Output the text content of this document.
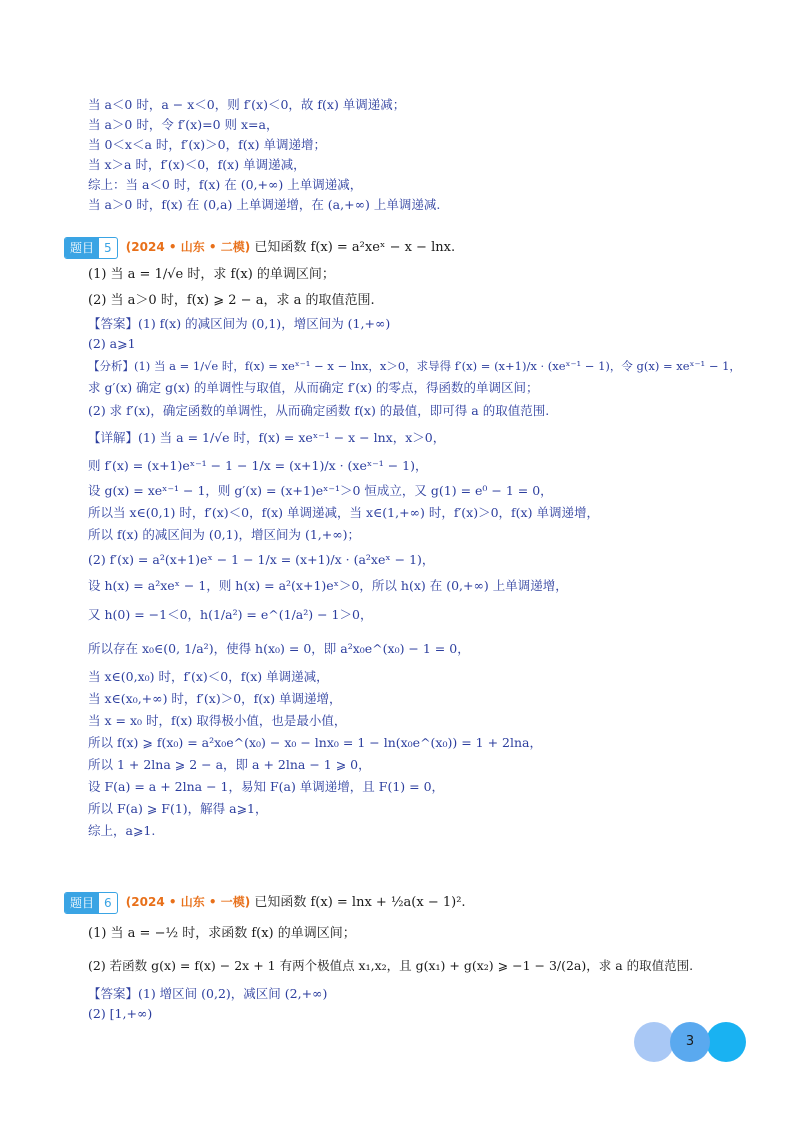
当 a＜0 时，a − x＜0，则 f′(x)＜0，故 f(x) 单调递减；
当 a＞0 时，令 f′(x)=0 则 x=a，
当 0＜x＜a 时，f′(x)＞0，f(x) 单调递增；
当 x＞a 时，f′(x)＜0，f(x) 单调递减，
综上：当 a＜0 时，f(x) 在 (0,+∞) 上单调递减，
当 a＞0 时，f(x) 在 (0,a) 上单调递增，在 (a,+∞) 上单调递减.
题目 5	(2024 • 山东 • 二模) 已知函数 f(x) = a²xeˣ − x − lnx.
(1) 当 a = 1/√e 时，求 f(x) 的单调区间；
(2) 当 a＞0 时，f(x) ⩾ 2 − a，求 a 的取值范围.
【答案】(1) f(x) 的减区间为 (0,1)，增区间为 (1,+∞)
(2) a⩾1
【分析】(1) 当 a = 1/√e 时，f(x) = xeˣ⁻¹ − x − lnx，x＞0，求导得 f′(x) = (x+1)/x · (xeˣ⁻¹ − 1)，令 g(x) = xeˣ⁻¹ − 1，
求 g′(x) 确定 g(x) 的单调性与取值，从而确定 f′(x) 的零点，得函数的单调区间；
(2) 求 f′(x)，确定函数的单调性，从而确定函数 f(x) 的最值，即可得 a 的取值范围.
【详解】(1) 当 a = 1/√e 时，f(x) = xeˣ⁻¹ − x − lnx，x＞0，
则 f′(x) = (x+1)eˣ⁻¹ − 1 − 1/x = (x+1)/x · (xeˣ⁻¹ − 1)，
设 g(x) = xeˣ⁻¹ − 1，则 g′(x) = (x+1)eˣ⁻¹＞0 恒成立，又 g(1) = e⁰ − 1 = 0，
所以当 x∈(0,1) 时，f′(x)＜0，f(x) 单调递减，当 x∈(1,+∞) 时，f′(x)＞0，f(x) 单调递增，
所以 f(x) 的减区间为 (0,1)，增区间为 (1,+∞)；
(2) f′(x) = a²(x+1)eˣ − 1 − 1/x = (x+1)/x · (a²xeˣ − 1)，
设 h(x) = a²xeˣ − 1，则 h(x) = a²(x+1)eˣ＞0，所以 h(x) 在 (0,+∞) 上单调递增，
又 h(0) = −1＜0，h(1/a²) = e^(1/a²) − 1＞0，
所以存在 x₀∈(0, 1/a²)，使得 h(x₀) = 0，即 a²x₀e^(x₀) − 1 = 0，
当 x∈(0,x₀) 时，f′(x)＜0，f(x) 单调递减，
当 x∈(x₀,+∞) 时，f′(x)＞0，f(x) 单调递增，
当 x = x₀ 时，f(x) 取得极小值，也是最小值，
所以 f(x) ⩾ f(x₀) = a²x₀e^(x₀) − x₀ − lnx₀ = 1 − ln(x₀e^(x₀)) = 1 + 2lna，
所以 1 + 2lna ⩾ 2 − a，即 a + 2lna − 1 ⩾ 0，
设 F(a) = a + 2lna − 1，易知 F(a) 单调递增，且 F(1) = 0，
所以 F(a) ⩾ F(1)，解得 a⩾1，
综上，a⩾1.
题目 6	(2024 • 山东 • 一模) 已知函数 f(x) = lnx + ½a(x − 1)².
(1) 当 a = −½ 时，求函数 f(x) 的单调区间；
(2) 若函数 g(x) = f(x) − 2x + 1 有两个极值点 x₁,x₂，且 g(x₁) + g(x₂) ⩾ −1 − 3/(2a)，求 a 的取值范围.
【答案】(1) 增区间 (0,2)，减区间 (2,+∞)
(2) [1,+∞)
3
